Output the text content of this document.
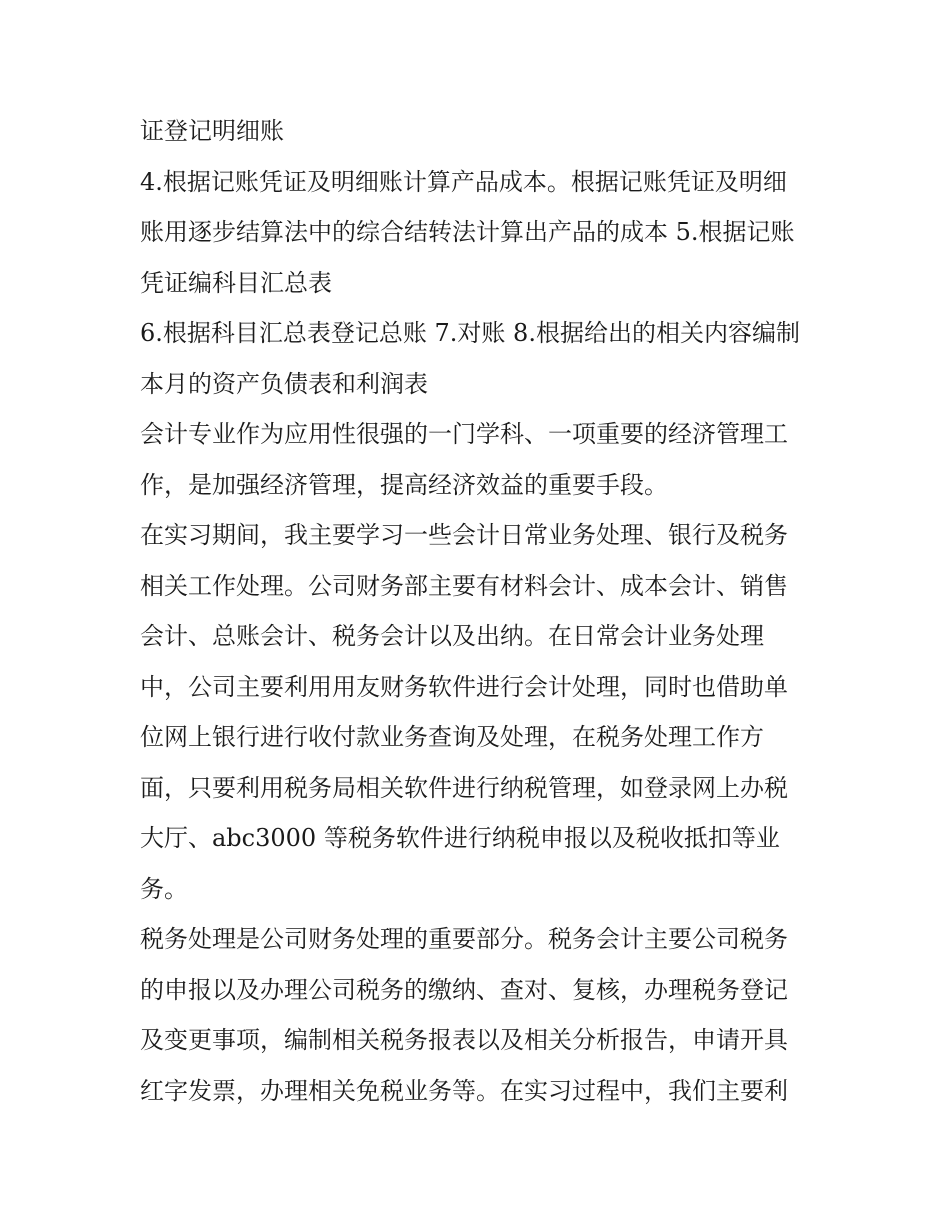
证登记明细账
4.根据记账凭证及明细账计算产品成本。根据记账凭证及明细
账用逐步结算法中的综合结转法计算出产品的成本 5.根据记账
凭证编科目汇总表
6.根据科目汇总表登记总账 7.对账 8.根据给出的相关内容编制
本月的资产负债表和利润表
会计专业作为应用性很强的一门学科、一项重要的经济管理工
作，是加强经济管理，提高经济效益的重要手段。
在实习期间，我主要学习一些会计日常业务处理、银行及税务
相关工作处理。公司财务部主要有材料会计、成本会计、销售
会计、总账会计、税务会计以及出纳。在日常会计业务处理
中，公司主要利用用友财务软件进行会计处理，同时也借助单
位网上银行进行收付款业务查询及处理，在税务处理工作方
面，只要利用税务局相关软件进行纳税管理，如登录网上办税
大厅、abc3000 等税务软件进行纳税申报以及税收抵扣等业
务。
税务处理是公司财务处理的重要部分。税务会计主要公司税务
的申报以及办理公司税务的缴纳、查对、复核，办理税务登记
及变更事项，编制相关税务报表以及相关分析报告，申请开具
红字发票，办理相关免税业务等。在实习过程中，我们主要利
